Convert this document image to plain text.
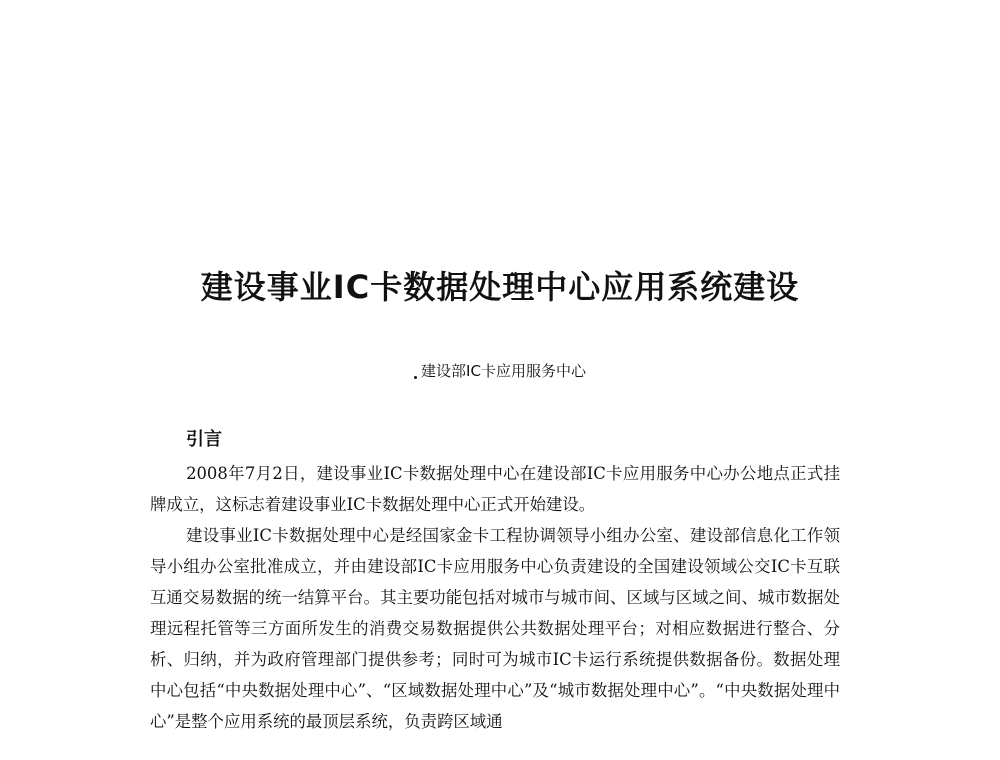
建设事业IC卡数据处理中心应用系统建设
建设部IC卡应用服务中心
引言

2008年7月2日，建设事业IC卡数据处理中心在建设部IC卡应用服务中心办公地点正式挂牌成立，这标志着建设事业IC卡数据处理中心正式开始建设。

建设事业IC卡数据处理中心是经国家金卡工程协调领导小组办公室、建设部信息化工作领导小组办公室批准成立，并由建设部IC卡应用服务中心负责建设的全国建设领域公交IC卡互联互通交易数据的统一结算平台。其主要功能包括对城市与城市间、区域与区域之间、城市数据处理远程托管等三方面所发生的消费交易数据提供公共数据处理平台；对相应数据进行整合、分析、归纳，并为政府管理部门提供参考；同时可为城市IC卡运行系统提供数据备份。数据处理中心包括“中央数据处理中心”、“区域数据处理中心”及“城市数据处理中心”。“中央数据处理中心”是整个应用系统的最顶层系统，负责跨区域通
